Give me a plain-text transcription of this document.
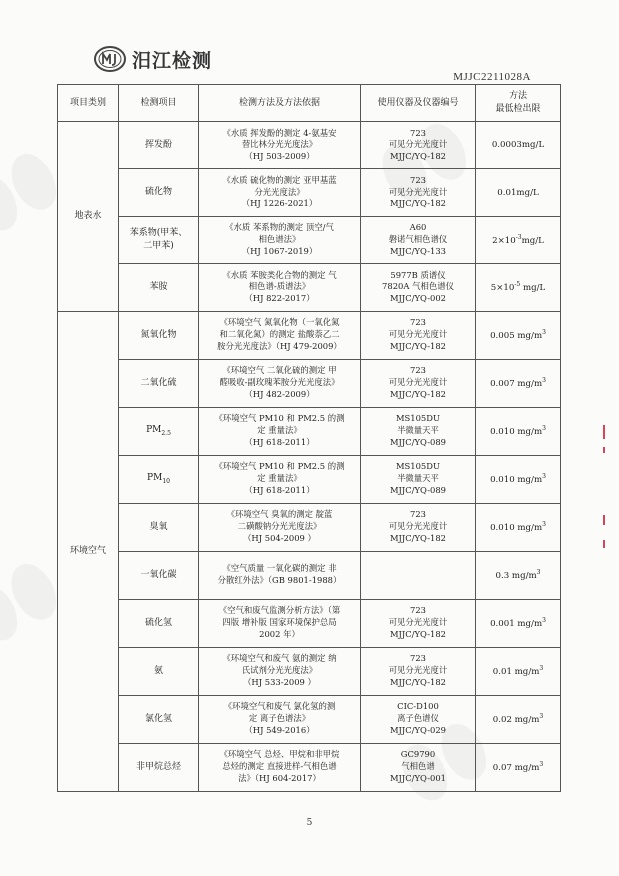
汨江检测
MJJC2211028A
项目类别	检测项目	检测方法及方法依据	使用仪器及仪器编号	方法
最低检出限
地表水	挥发酚	《水质 挥发酚的测定 4-氨基安
替比林分光光度法》
（HJ 503-2009）	723
可见分光光度计
MJJC/YQ-182	0.0003mg/L
	硫化物	《水质 硫化物的测定 亚甲基蓝
分光光度法》
（HJ 1226-2021）	723
可见分光光度计
MJJC/YQ-182	0.01mg/L
	苯系物(甲苯、
二甲苯)	《水质 苯系物的测定 顶空/气
相色谱法》
（HJ 1067-2019）	A60
磐诺气相色谱仪
MJJC/YQ-133	$2\times 10^{-3}mg/L$
	苯胺	《水质 苯胺类化合物的测定 气
相色谱-质谱法》
（HJ 822-2017）	5977B 质谱仪
7820A 气相色谱仪
MJJC/YQ-002	$5\times 10^{-5}$ mg/L
环境空气	氮氧化物	《环境空气 氮氧化物（一氧化氮
和二氧化氮）的测定 盐酸萘乙二
胺分光光度法》（HJ 479-2009）	723
可见分光光度计
MJJC/YQ-182	0.005 $mg/m^3$
	二氧化硫	《环境空气 二氧化硫的测定 甲
醛吸收-副玫瑰苯胺分光光度法》
（HJ 482-2009）	723
可见分光光度计
MJJC/YQ-182	0.007 $mg/m^3$
	$PM_{2.5}$	《环境空气 PM10 和 PM2.5 的测
定 重量法》
（HJ 618-2011）	MS105DU
半微量天平
MJJC/YQ-089	0.010 $mg/m^3$
	$PM_{10}$	《环境空气 PM10 和 PM2.5 的测
定 重量法》
（HJ 618-2011）	MS105DU
半微量天平
MJJC/YQ-089	0.010 $mg/m^3$
	臭氧	《环境空气 臭氧的测定 靛蓝
二磺酸钠分光光度法》
（HJ 504-2009 ）	723
可见分光光度计
MJJC/YQ-182	0.010 $mg/m^3$
	一氧化碳	《空气质量 一氧化碳的测定 非
分散红外法》（GB 9801-1988）		0.3 $mg/m^3$
	硫化氢	《空气和废气监测分析方法》（第
四版 增补版 国家环境保护总局
2002 年）	723
可见分光光度计
MJJC/YQ-182	0.001 $mg/m^3$
	氨	《环境空气和废气 氨的测定 纳
氏试剂分光光度法》
（HJ 533-2009 ）	723
可见分光光度计
MJJC/YQ-182	0.01 $mg/m^3$
	氯化氢	《环境空气和废气 氯化氢的测
定 离子色谱法》
（HJ 549-2016）	CIC-D100
离子色谱仪
MJJC/YQ-029	0.02 $mg/m^3$
	非甲烷总烃	《环境空气 总烃、甲烷和非甲烷
总烃的测定 直接进样-气相色谱
法》（HJ 604-2017）	GC9790
气相色谱
MJJC/YQ-001	0.07 $mg/m^3$
5
